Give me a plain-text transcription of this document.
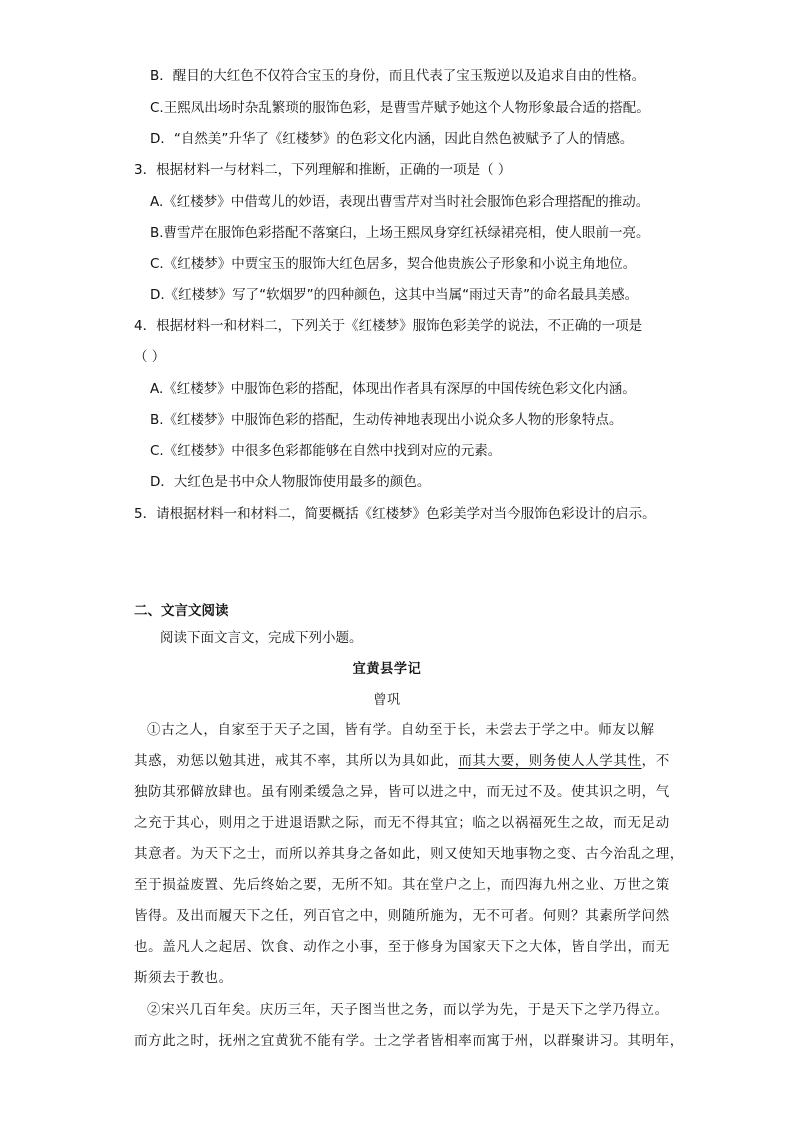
B．醒目的大红色不仅符合宝玉的身份，而且代表了宝玉叛逆以及追求自由的性格。
C.王熙凤出场时杂乱繁琐的服饰色彩，是曹雪芹赋予她这个人物形象最合适的搭配。
D．“自然美”升华了《红楼梦》的色彩文化内涵，因此自然色被赋予了人的情感。
3．根据材料一与材料二，下列理解和推断，正确的一项是（ ）
A.《红楼梦》中借莺儿的妙语，表现出曹雪芹对当时社会服饰色彩合理搭配的推动。
B.曹雪芹在服饰色彩搭配不落窠臼，上场王熙凤身穿红袄绿裙亮相，使人眼前一亮。
C.《红楼梦》中贾宝玉的服饰大红色居多，契合他贵族公子形象和小说主角地位。
D.《红楼梦》写了“软烟罗”的四种颜色，这其中当属“雨过天青”的命名最具美感。
4．根据材料一和材料二，下列关于《红楼梦》服饰色彩美学的说法，不正确的一项是
（ ）
A.《红楼梦》中服饰色彩的搭配，体现出作者具有深厚的中国传统色彩文化内涵。
B.《红楼梦》中服饰色彩的搭配，生动传神地表现出小说众多人物的形象特点。
C.《红楼梦》中很多色彩都能够在自然中找到对应的元素。
D．大红色是书中众人物服饰使用最多的颜色。
5．请根据材料一和材料二，简要概括《红楼梦》色彩美学对当今服饰色彩设计的启示。
二、文言文阅读
阅读下面文言文，完成下列小题。
宜黄县学记
曾巩
①古之人，自家至于天子之国，皆有学。自幼至于长，未尝去于学之中。师友以解
其惑，劝惩以勉其进，戒其不率，其所以为具如此，而其大要，则务使人人学其性，不
独防其邪僻放肆也。虽有刚柔缓急之异，皆可以进之中，而无过不及。使其识之明，气
之充于其心，则用之于进退语默之际，而无不得其宜；临之以祸福死生之故，而无足动
其意者。为天下之士，而所以养其身之备如此，则又使知天地事物之变、古今治乱之理，
至于损益废置、先后终始之要，无所不知。其在堂户之上，而四海九州之业、万世之策
皆得。及出而履天下之任，列百官之中，则随所施为，无不可者。何则？其素所学问然
也。盖凡人之起居、饮食、动作之小事，至于修身为国家天下之大体，皆自学出，而无
斯须去于教也。
②宋兴几百年矣。庆历三年，天子图当世之务，而以学为先，于是天下之学乃得立。
而方此之时，抚州之宜黄犹不能有学。士之学者皆相率而寓于州，以群聚讲习。其明年，
